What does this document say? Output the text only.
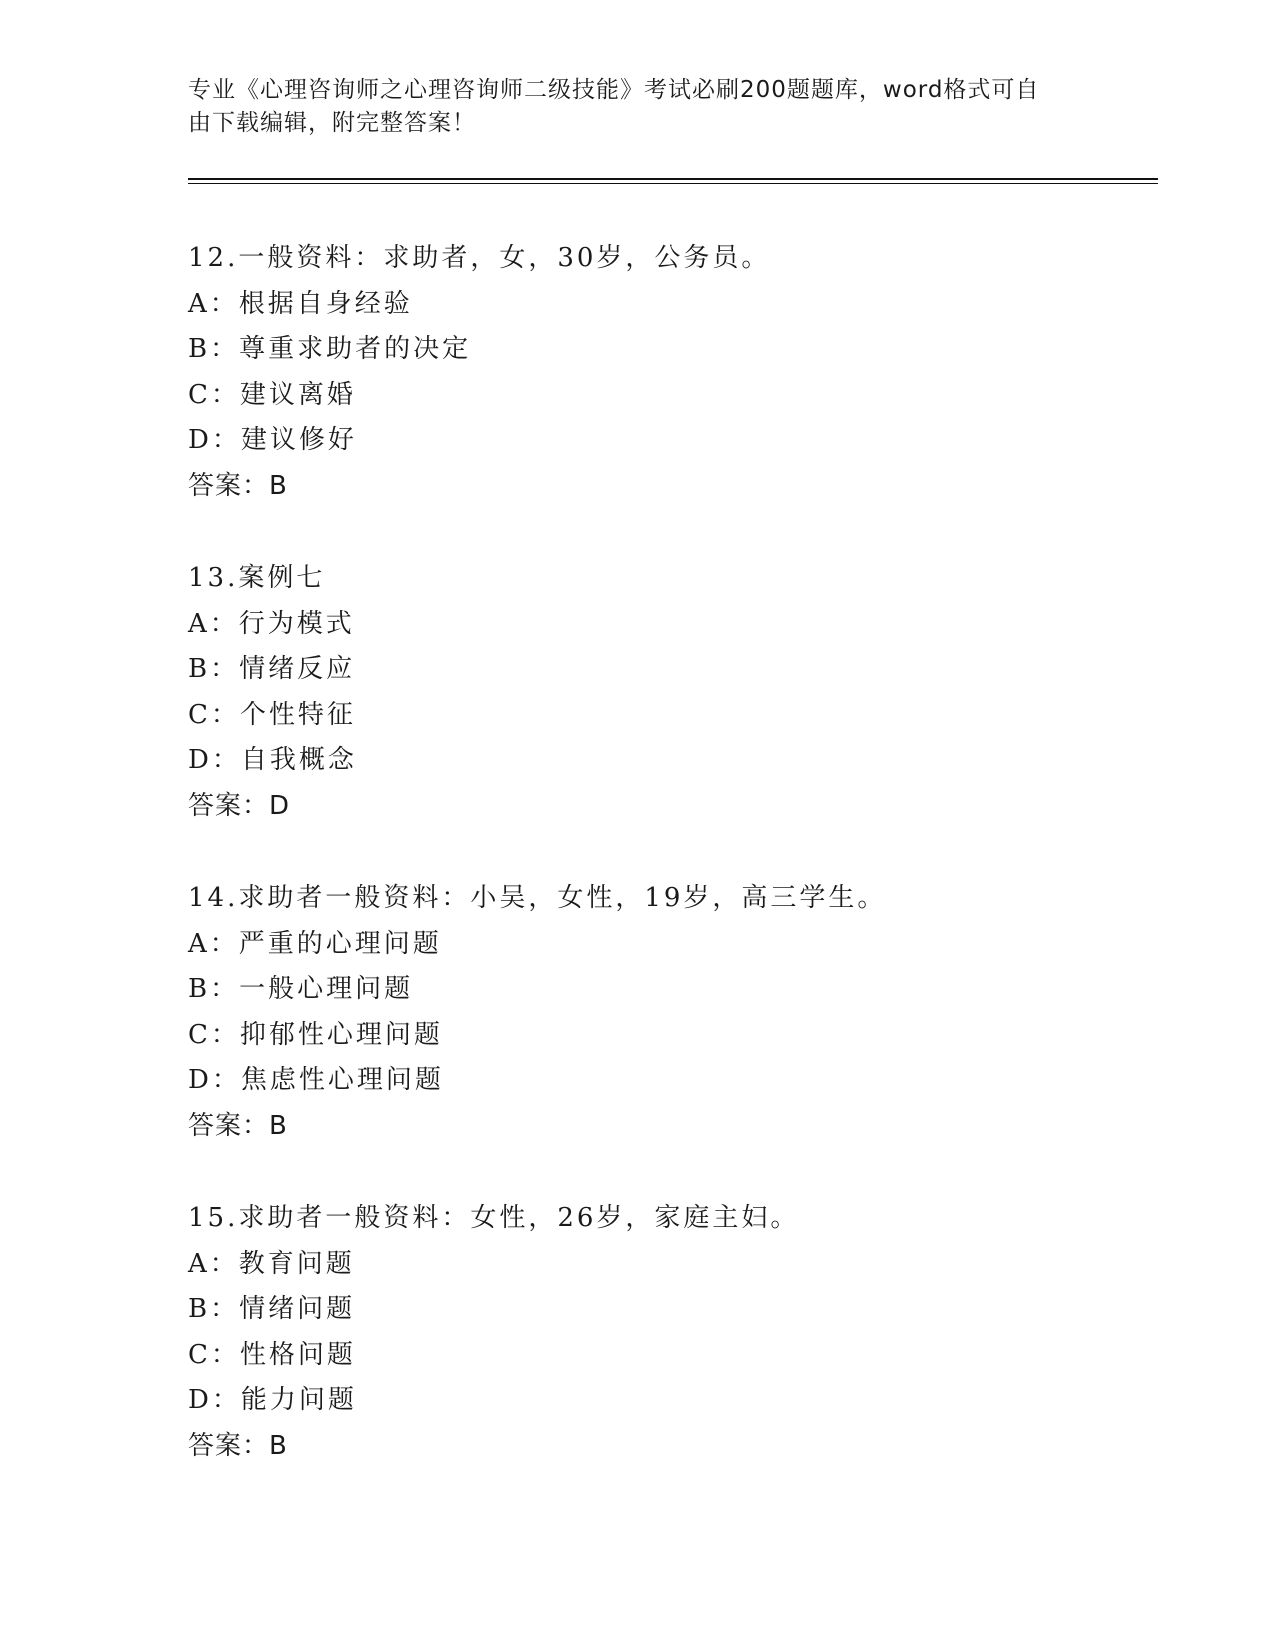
专业《心理咨询师之心理咨询师二级技能》考试必刷200题题库，word格式可自
由下载编辑，附完整答案！
12.一般资料：求助者，女，30岁，公务员。
A：根据自身经验
B：尊重求助者的决定
C：建议离婚
D：建议修好
答案：B
13.案例七
A：行为模式
B：情绪反应
C：个性特征
D：自我概念
答案：D
14.求助者一般资料：小吴，女性，19岁，高三学生。
A：严重的心理问题
B：一般心理问题
C：抑郁性心理问题
D：焦虑性心理问题
答案：B
15.求助者一般资料：女性，26岁，家庭主妇。
A：教育问题
B：情绪问题
C：性格问题
D：能力问题
答案：B
